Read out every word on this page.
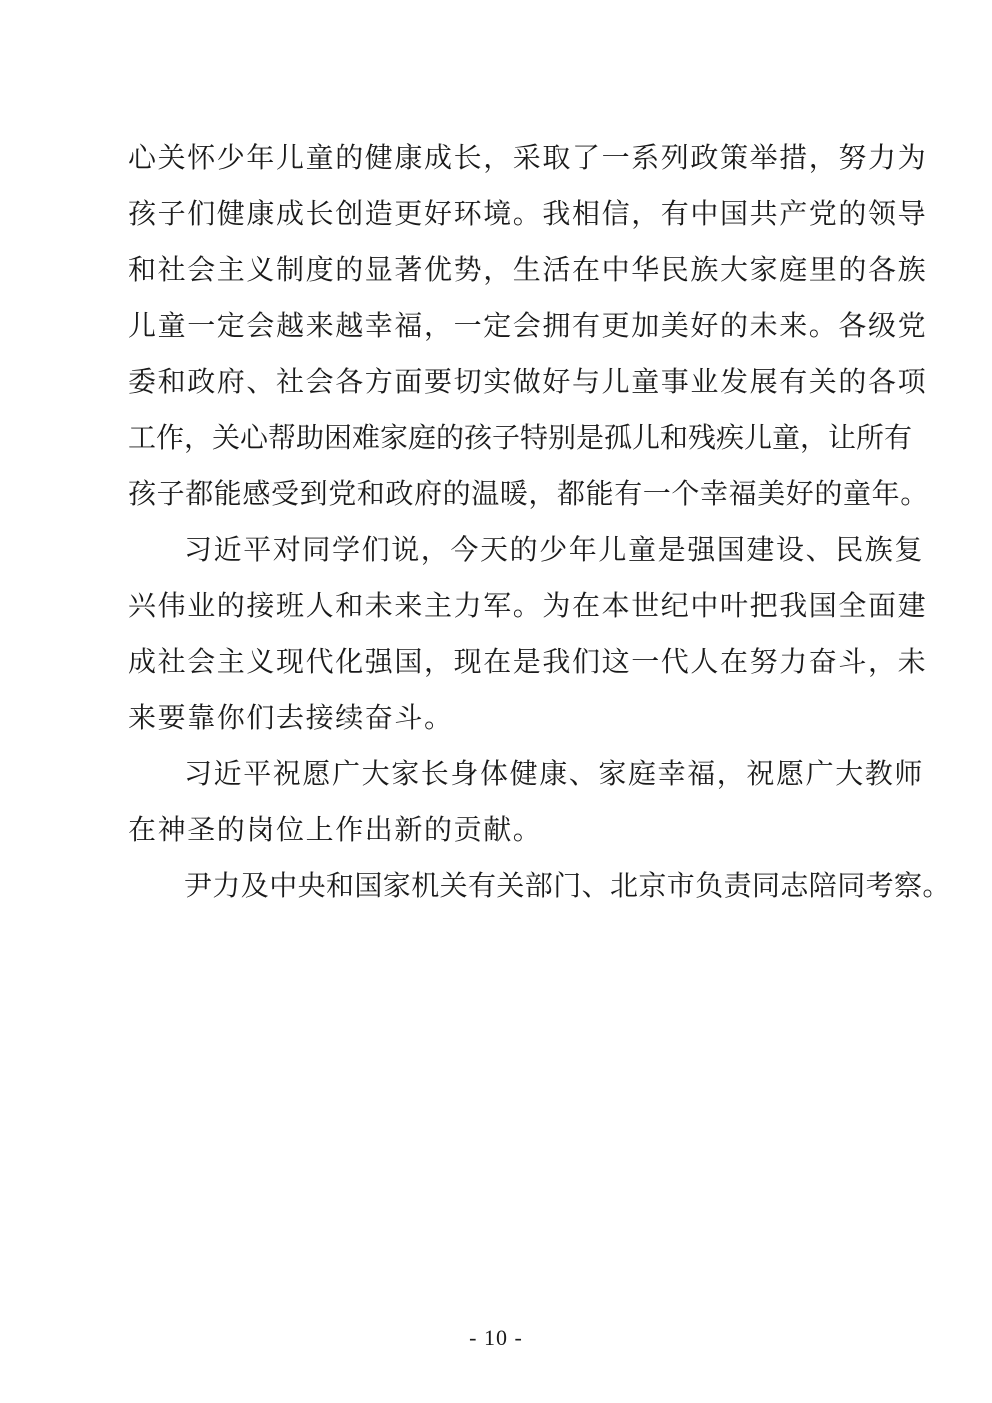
心关怀少年儿童的健康成长，采取了一系列政策举措，努力为
孩子们健康成长创造更好环境。我相信，有中国共产党的领导
和社会主义制度的显著优势，生活在中华民族大家庭里的各族
儿童一定会越来越幸福，一定会拥有更加美好的未来。各级党
委和政府、社会各方面要切实做好与儿童事业发展有关的各项
工作，关心帮助困难家庭的孩子特别是孤儿和残疾儿童，让所有
孩子都能感受到党和政府的温暖，都能有一个幸福美好的童年。
习近平对同学们说，今天的少年儿童是强国建设、民族复
兴伟业的接班人和未来主力军。为在本世纪中叶把我国全面建
成社会主义现代化强国，现在是我们这一代人在努力奋斗，未
来要靠你们去接续奋斗。
习近平祝愿广大家长身体健康、家庭幸福，祝愿广大教师
在神圣的岗位上作出新的贡献。
尹力及中央和国家机关有关部门、北京市负责同志陪同考察。
- 10 -
